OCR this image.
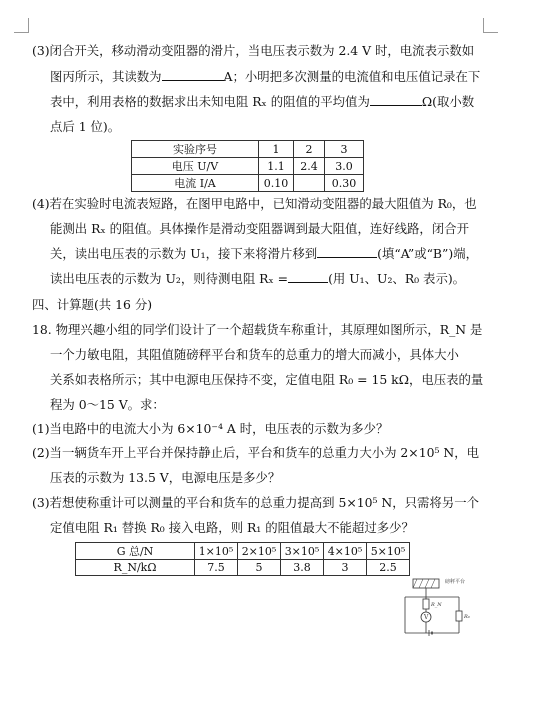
(3)闭合开关，移动滑动变阻器的滑片，当电压表示数为 2.4 V 时，电流表示数如
图丙所示，其读数为	A；小明把多次测量的电流值和电压值记录在下
表中，利用表格的数据求出未知电阻 Rₓ 的阻值的平均值为	Ω(取小数
点后 1 位)。
实验序号	1	2	3
电压 U/V	1.1	2.4	3.0
电流 I/A	0.10		0.30
(4)若在实验时电流表短路，在图甲电路中，已知滑动变阻器的最大阻值为 R₀，也
能测出 Rₓ 的阻值。具体操作是滑动变阻器调到最大阻值，连好线路，闭合开
关，读出电压表的示数为 U₁，接下来将滑片移到	(填“A”或“B”)端，
读出电压表的示数为 U₂，则待测电阻 Rₓ =	(用 U₁、U₂、R₀ 表示)。
四、计算题(共 16 分)
18. 物理兴趣小组的同学们设计了一个超载货车称重计，其原理如图所示，R_N 是
一个力敏电阻，其阻值随磅秤平台和货车的总重力的增大而减小，具体大小
关系如表格所示；其中电源电压保持不变，定值电阻 R₀ = 15 kΩ，电压表的量
程为 0～15 V。求：
(1)当电路中的电流大小为 6×10⁻⁴ A 时，电压表的示数为多少？
(2)当一辆货车开上平台并保持静止后，平台和货车的总重力大小为 2×10⁵ N，电
压表的示数为 13.5 V，电源电压是多少？
(3)若想使称重计可以测量的平台和货车的总重力提高到 5×10⁵ N，只需将另一个
定值电阻 R₁ 替换 R₀ 接入电路，则 R₁ 的阻值最大不能超过多少？
G 总/N	1×10⁵	2×10⁵	3×10⁵	4×10⁵	5×10⁵
R_N/kΩ	7.5	5	3.8	3	2.5
磅秤平台
R_N
V	R₀
